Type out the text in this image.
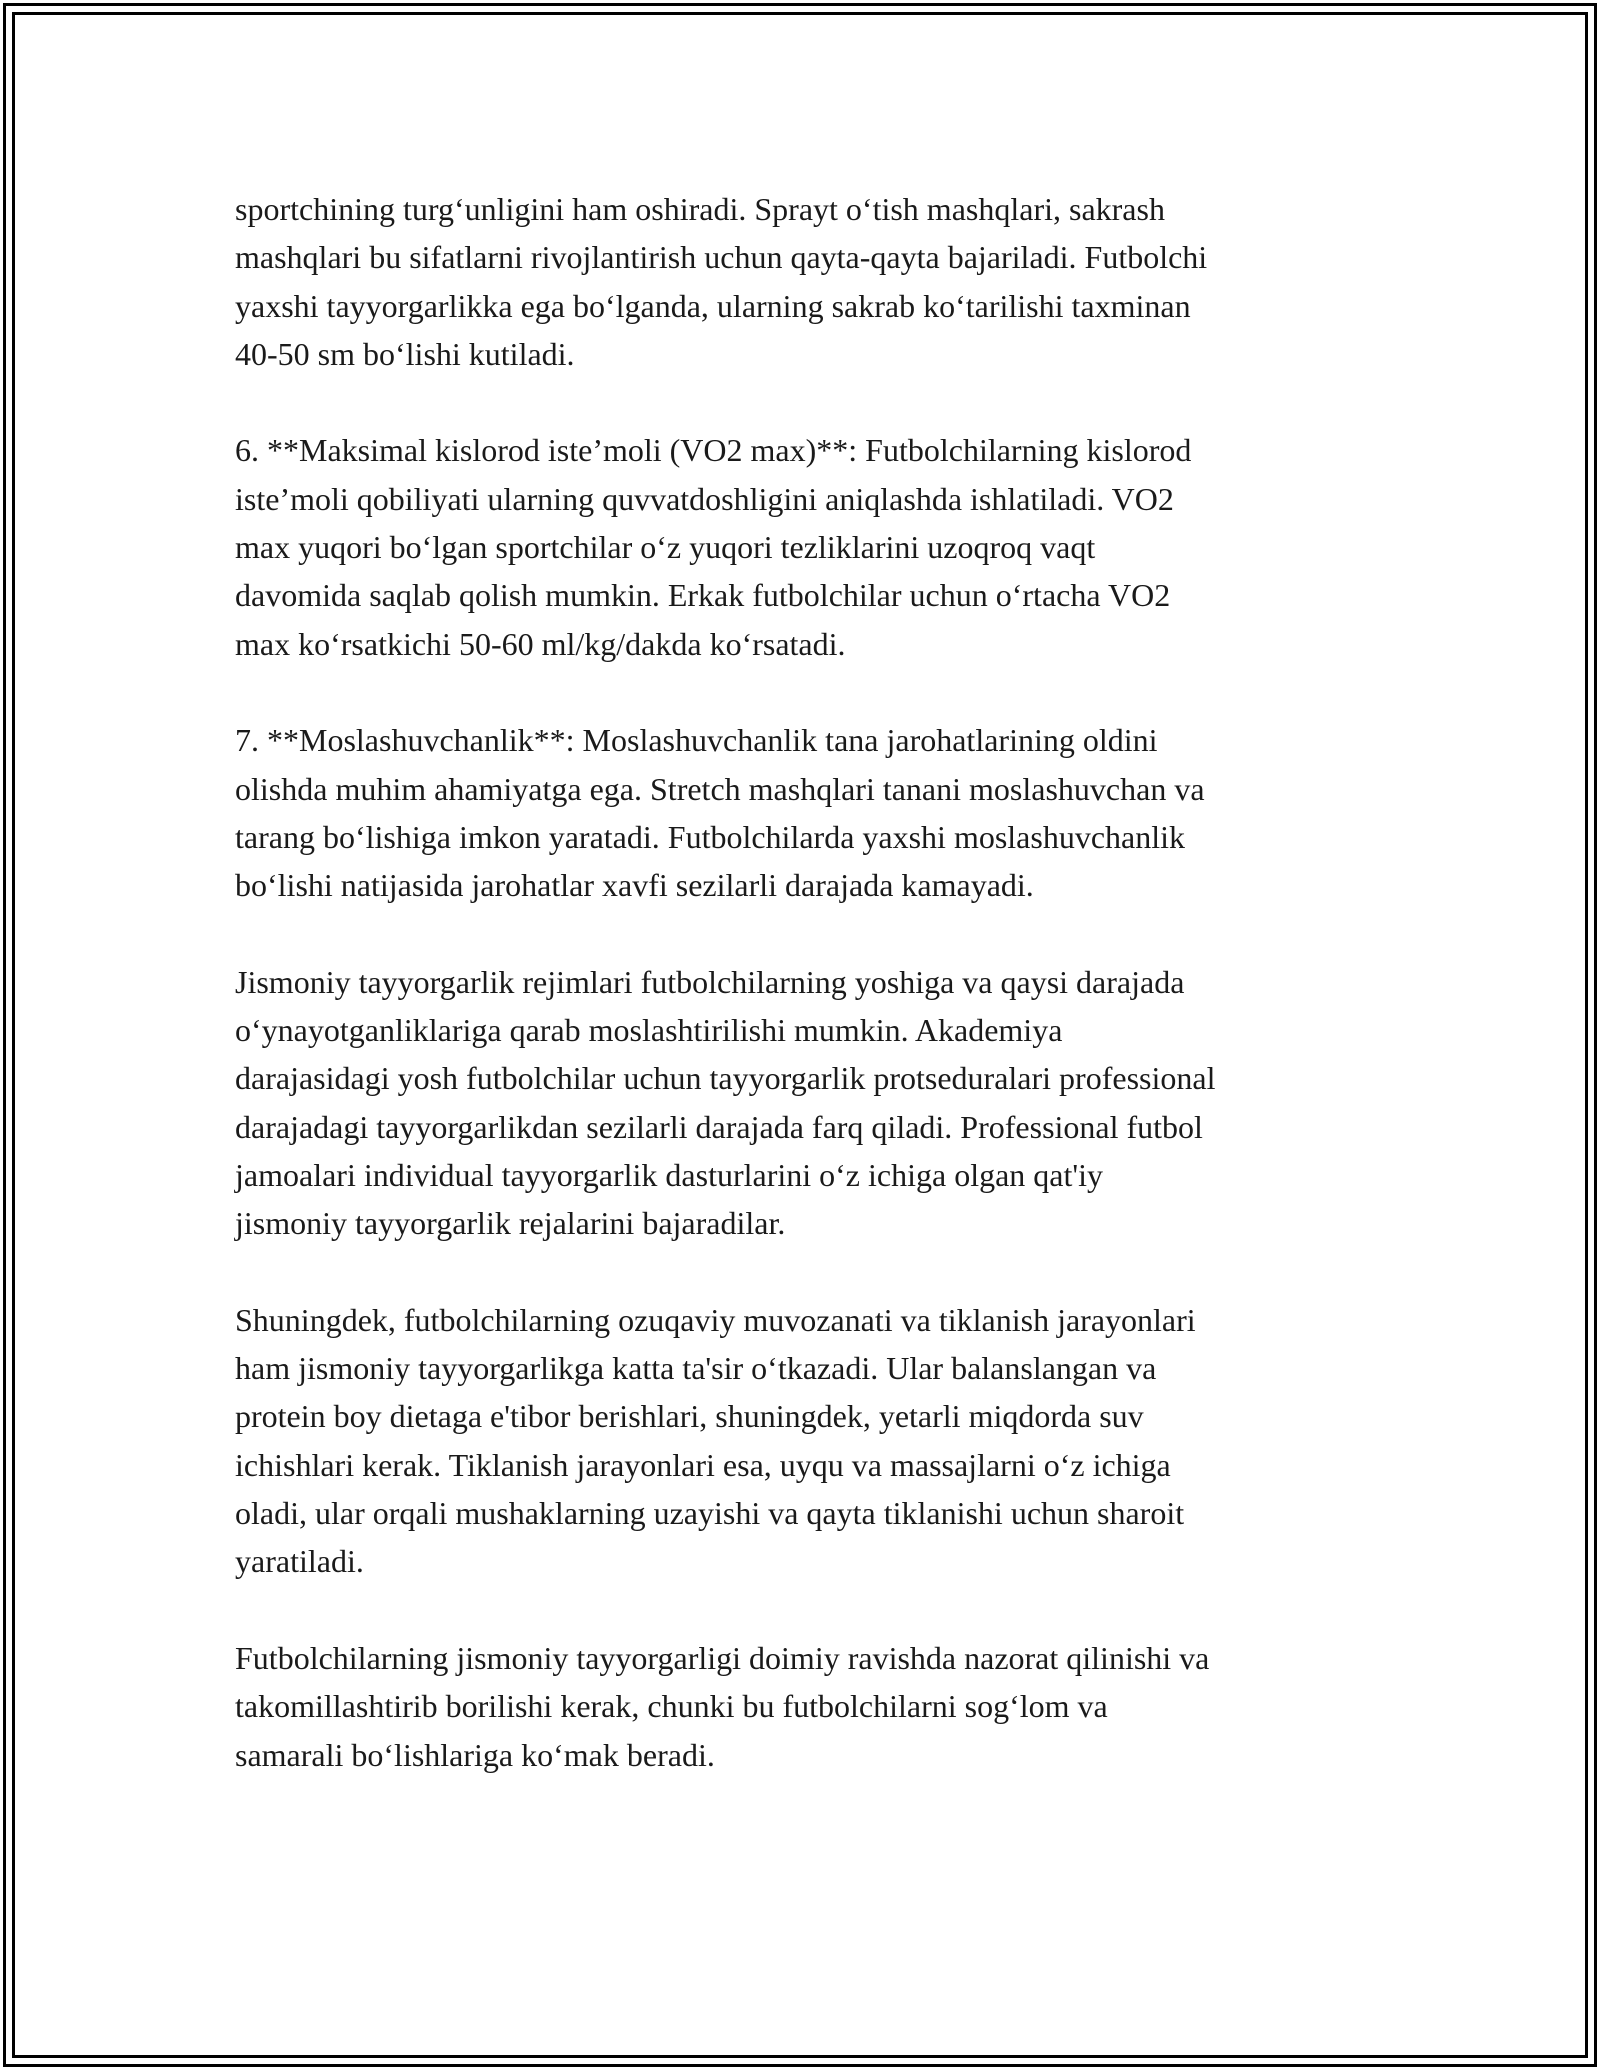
sportchining turg‘unligini ham oshiradi. Sprayt o‘tish mashqlari, sakrash
mashqlari bu sifatlarni rivojlantirish uchun qayta-qayta bajariladi. Futbolchi
yaxshi tayyorgarlikka ega bo‘lganda, ularning sakrab ko‘tarilishi taxminan
40-50 sm bo‘lishi kutiladi.

6. **Maksimal kislorod iste’moli (VO2 max)**: Futbolchilarning kislorod
iste’moli qobiliyati ularning quvvatdoshligini aniqlashda ishlatiladi. VO2
max yuqori bo‘lgan sportchilar o‘z yuqori tezliklarini uzoqroq vaqt
davomida saqlab qolish mumkin. Erkak futbolchilar uchun o‘rtacha VO2
max ko‘rsatkichi 50-60 ml/kg/dakda ko‘rsatadi.

7. **Moslashuvchanlik**: Moslashuvchanlik tana jarohatlarining oldini
olishda muhim ahamiyatga ega. Stretch mashqlari tanani moslashuvchan va
tarang bo‘lishiga imkon yaratadi. Futbolchilarda yaxshi moslashuvchanlik
bo‘lishi natijasida jarohatlar xavfi sezilarli darajada kamayadi.

Jismoniy tayyorgarlik rejimlari futbolchilarning yoshiga va qaysi darajada
o‘ynayotganliklariga qarab moslashtirilishi mumkin. Akademiya
darajasidagi yosh futbolchilar uchun tayyorgarlik protseduralari professional
darajadagi tayyorgarlikdan sezilarli darajada farq qiladi. Professional futbol
jamoalari individual tayyorgarlik dasturlarini o‘z ichiga olgan qat'iy
jismoniy tayyorgarlik rejalarini bajaradilar.

Shuningdek, futbolchilarning ozuqaviy muvozanati va tiklanish jarayonlari
ham jismoniy tayyorgarlikga katta ta'sir o‘tkazadi. Ular balanslangan va
protein boy dietaga e'tibor berishlari, shuningdek, yetarli miqdorda suv
ichishlari kerak. Tiklanish jarayonlari esa, uyqu va massajlarni o‘z ichiga
oladi, ular orqali mushaklarning uzayishi va qayta tiklanishi uchun sharoit
yaratiladi.

Futbolchilarning jismoniy tayyorgarligi doimiy ravishda nazorat qilinishi va
takomillashtirib borilishi kerak, chunki bu futbolchilarni sog‘lom va
samarali bo‘lishlariga ko‘mak beradi.
